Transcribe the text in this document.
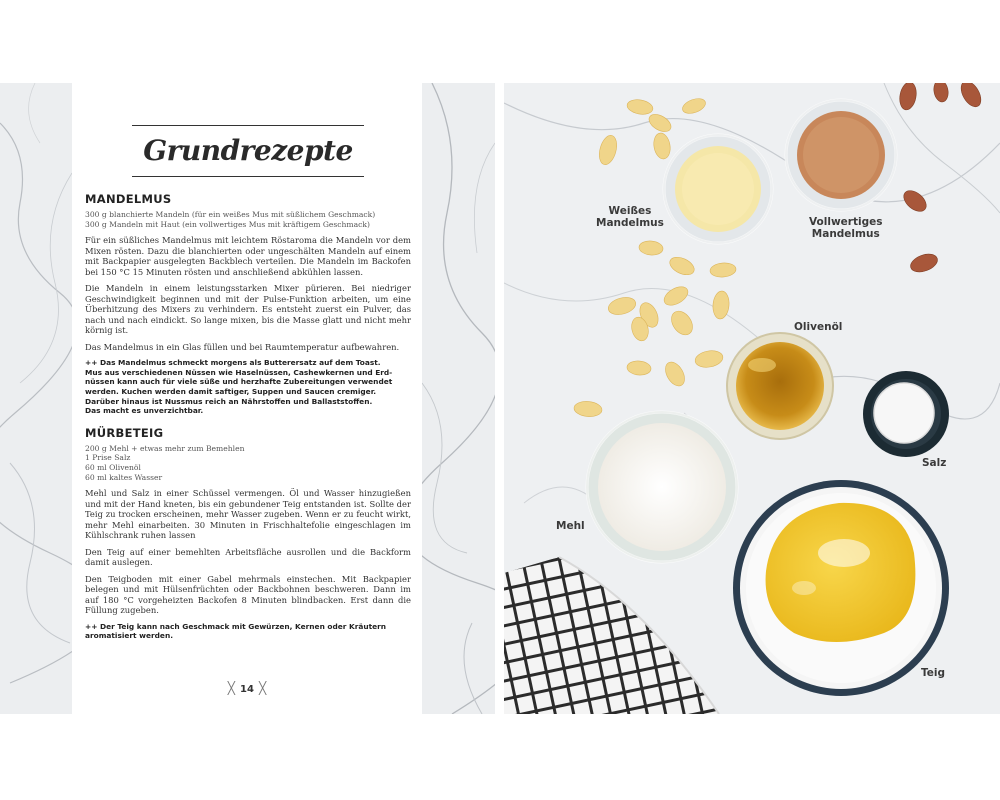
Grundrezepte
MANDELMUS
300 g blanchierte Mandeln (für ein weißes Mus mit süßlichem Geschmack)
300 g Mandeln mit Haut (ein vollwertiges Mus mit kräftigem Geschmack)

Für ein süßliches Mandelmus mit leichtem Röstaroma die Mandeln vor dem Mixen rösten. Dazu die blanchierten oder ungeschälten Mandeln auf einem mit Backpapier ausgelegten Backblech verteilen. Die Mandeln im Backofen bei 150 °C 15 Minuten rösten und anschließend abkühlen lassen.

Die Mandeln in einem leistungsstarken Mixer pürieren. Bei niedriger Geschwindigkeit beginnen und mit der Pulse-Funktion arbeiten, um eine Überhitzung des Mixers zu verhindern. Es entsteht zuerst ein Pulver, das nach und nach eindickt. So lange mixen, bis die Masse glatt und nicht mehr körnig ist.

Das Mandelmus in ein Glas füllen und bei Raumtemperatur aufbewahren.

++ Das Mandelmus schmeckt morgens als Butterersatz auf dem Toast.
Mus aus verschiedenen Nüssen wie Haselnüssen, Cashewkernen und Erd-
nüssen kann auch für viele süße und herzhafte Zubereitungen verwendet
werden. Kuchen werden damit saftiger, Suppen und Saucen cremiger.
Darüber hinaus ist Nussmus reich an Nährstoffen und Ballaststoffen.
Das macht es unverzichtbar.
MÜRBETEIG
200 g Mehl + etwas mehr zum Bemehlen
1 Prise Salz
60 ml Olivenöl
60 ml kaltes Wasser

Mehl und Salz in einer Schüssel vermengen. Öl und Wasser hinzugießen und mit der Hand kneten, bis ein gebundener Teig entstanden ist. Sollte der Teig zu trocken erscheinen, mehr Wasser zugeben. Wenn er zu feucht wirkt, mehr Mehl einarbeiten. 30 Minuten in Frischhaltefolie eingeschlagen im Kühlschrank ruhen lassen

Den Teig auf einer bemehlten Arbeitsfläche ausrollen und die Backform damit auslegen.

Den Teigboden mit einer Gabel mehrmals einstechen. Mit Backpapier belegen und mit Hülsenfrüchten oder Backbohnen beschweren. Dann im auf 180 °C vorgeheizten Backofen 8 Minuten blindbacken. Erst dann die Füllung zugeben.

++ Der Teig kann nach Geschmack mit Gewürzen, Kernen oder Kräutern
aromatisiert werden.
╳ 14 ╳
Weißes
Mandelmus	Vollwertiges
Mandelmus
Olivenöl
Salz
Mehl
Teig
